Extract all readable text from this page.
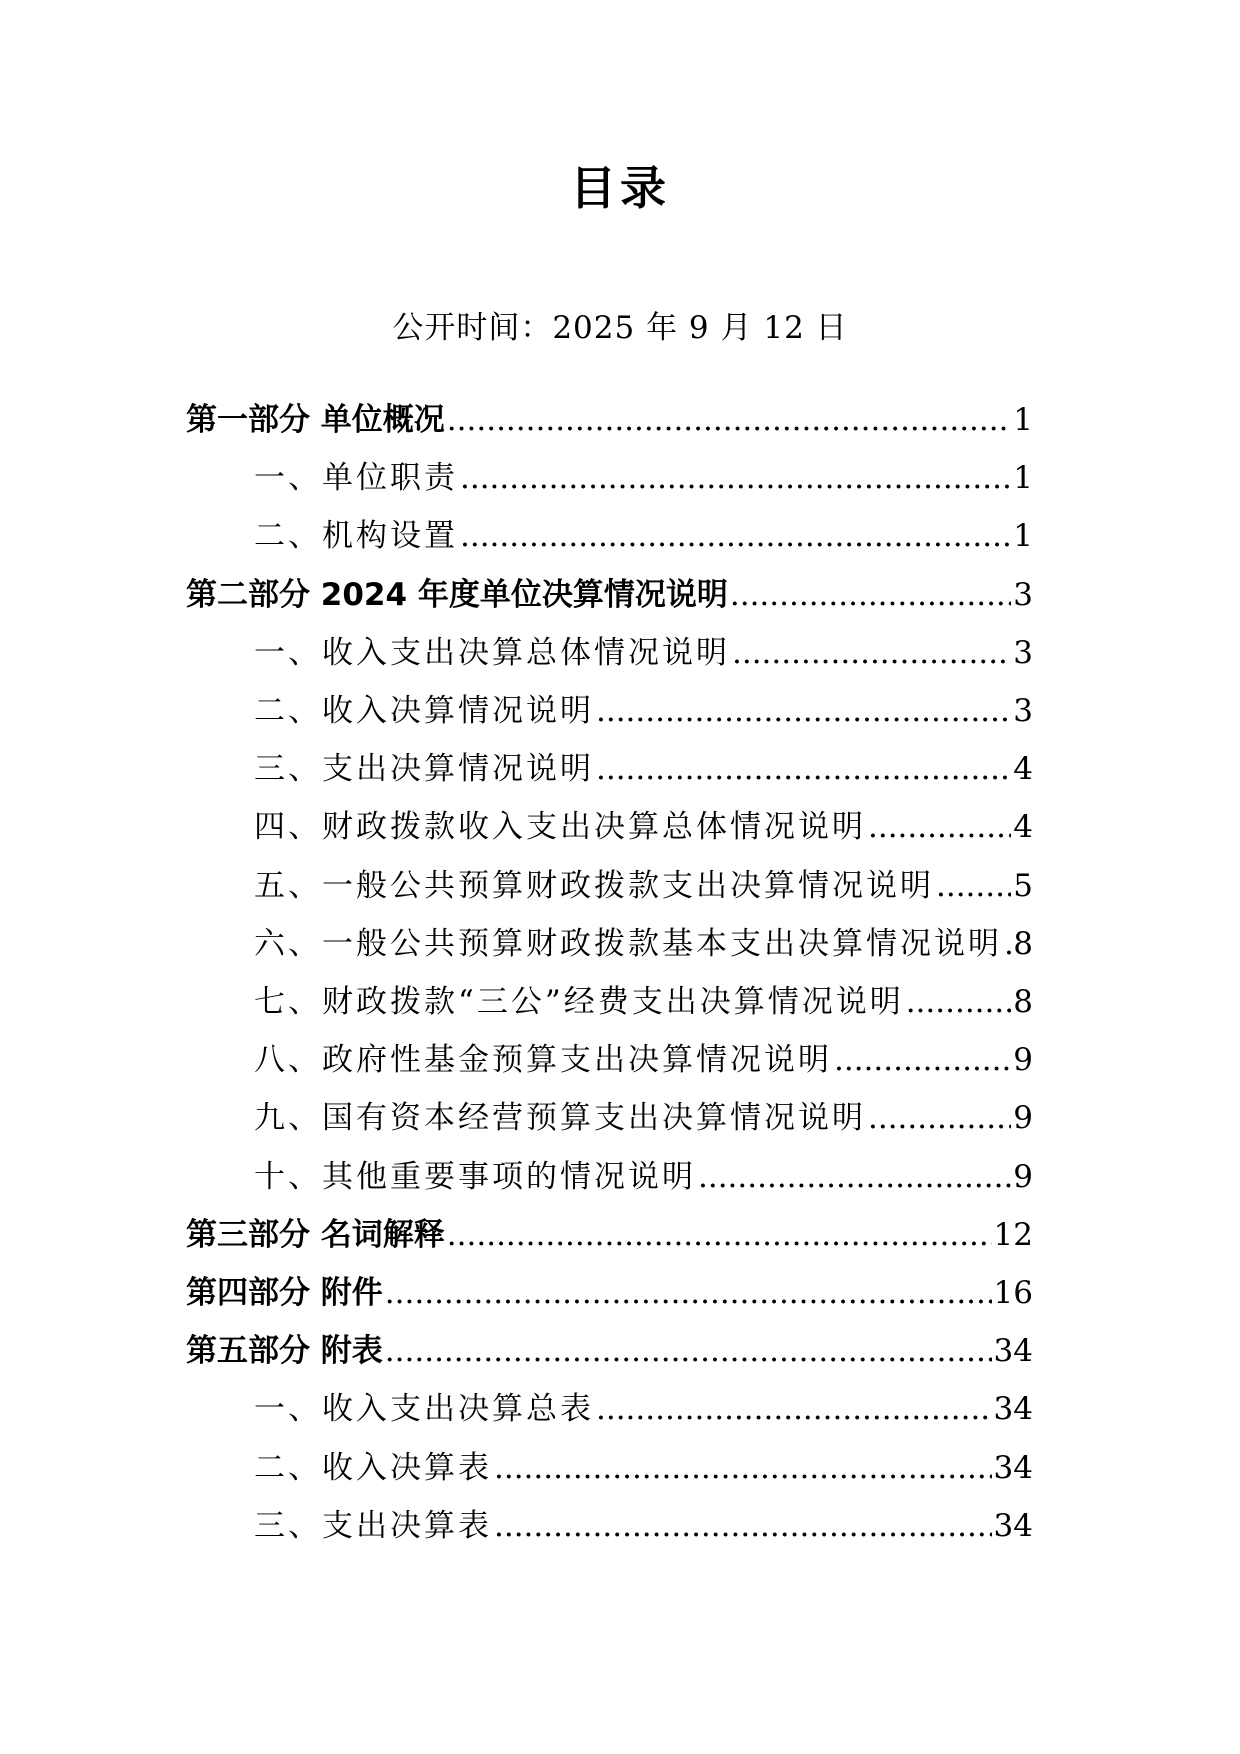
目录
公开时间：2025 年 9 月 12 日
第一部分 单位概况 .....	1
一、单位职责 .....	1
二、机构设置 .....	1
第二部分 2024 年度单位决算情况说明 .....	3
一、收入支出决算总体情况说明 .....	3
二、收入决算情况说明 .....	3
三、支出决算情况说明 .....	4
四、财政拨款收入支出决算总体情况说明 .....	4
五、一般公共预算财政拨款支出决算情况说明 .....	5
六、一般公共预算财政拨款基本支出决算情况说明 ..... 8
七、财政拨款“三公”经费支出决算情况说明 .....	8
八、政府性基金预算支出决算情况说明 .....	9
九、国有资本经营预算支出决算情况说明 .....	9
十、其他重要事项的情况说明 .....	9
第三部分 名词解释 .....	12
第四部分 附件 .....	16
第五部分 附表 .....	34
一、收入支出决算总表 .....	34
二、收入决算表 .....	34
三、支出决算表 .....	34
